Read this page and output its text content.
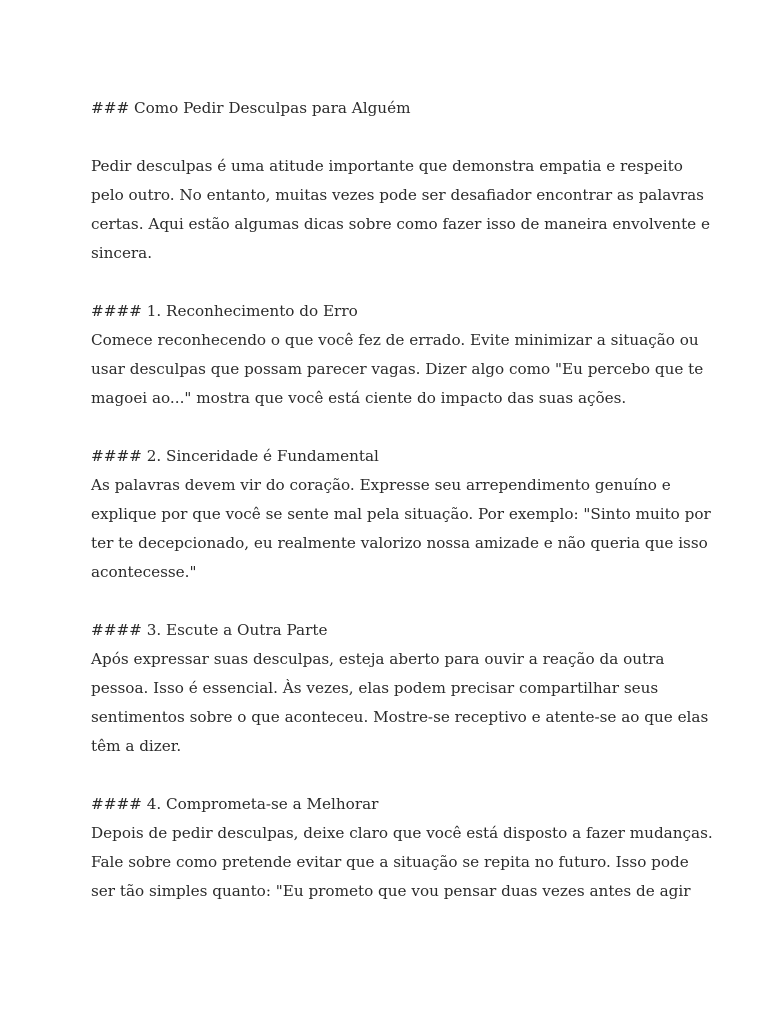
### Como Pedir Desculpas para Alguém
Pedir desculpas é uma atitude importante que demonstra empatia e respeito
pelo outro. No entanto, muitas vezes pode ser desafiador encontrar as palavras
certas. Aqui estão algumas dicas sobre como fazer isso de maneira envolvente e
sincera.
#### 1. Reconhecimento do Erro
Comece reconhecendo o que você fez de errado. Evite minimizar a situação ou
usar desculpas que possam parecer vagas. Dizer algo como "Eu percebo que te
magoei ao..." mostra que você está ciente do impacto das suas ações.
#### 2. Sinceridade é Fundamental
As palavras devem vir do coração. Expresse seu arrependimento genuíno e
explique por que você se sente mal pela situação. Por exemplo: "Sinto muito por
ter te decepcionado, eu realmente valorizo nossa amizade e não queria que isso
acontecesse."
#### 3. Escute a Outra Parte
Após expressar suas desculpas, esteja aberto para ouvir a reação da outra
pessoa. Isso é essencial. Às vezes, elas podem precisar compartilhar seus
sentimentos sobre o que aconteceu. Mostre-se receptivo e atente-se ao que elas
têm a dizer.
#### 4. Comprometa-se a Melhorar
Depois de pedir desculpas, deixe claro que você está disposto a fazer mudanças.
Fale sobre como pretende evitar que a situação se repita no futuro. Isso pode
ser tão simples quanto: "Eu prometo que vou pensar duas vezes antes de agir
